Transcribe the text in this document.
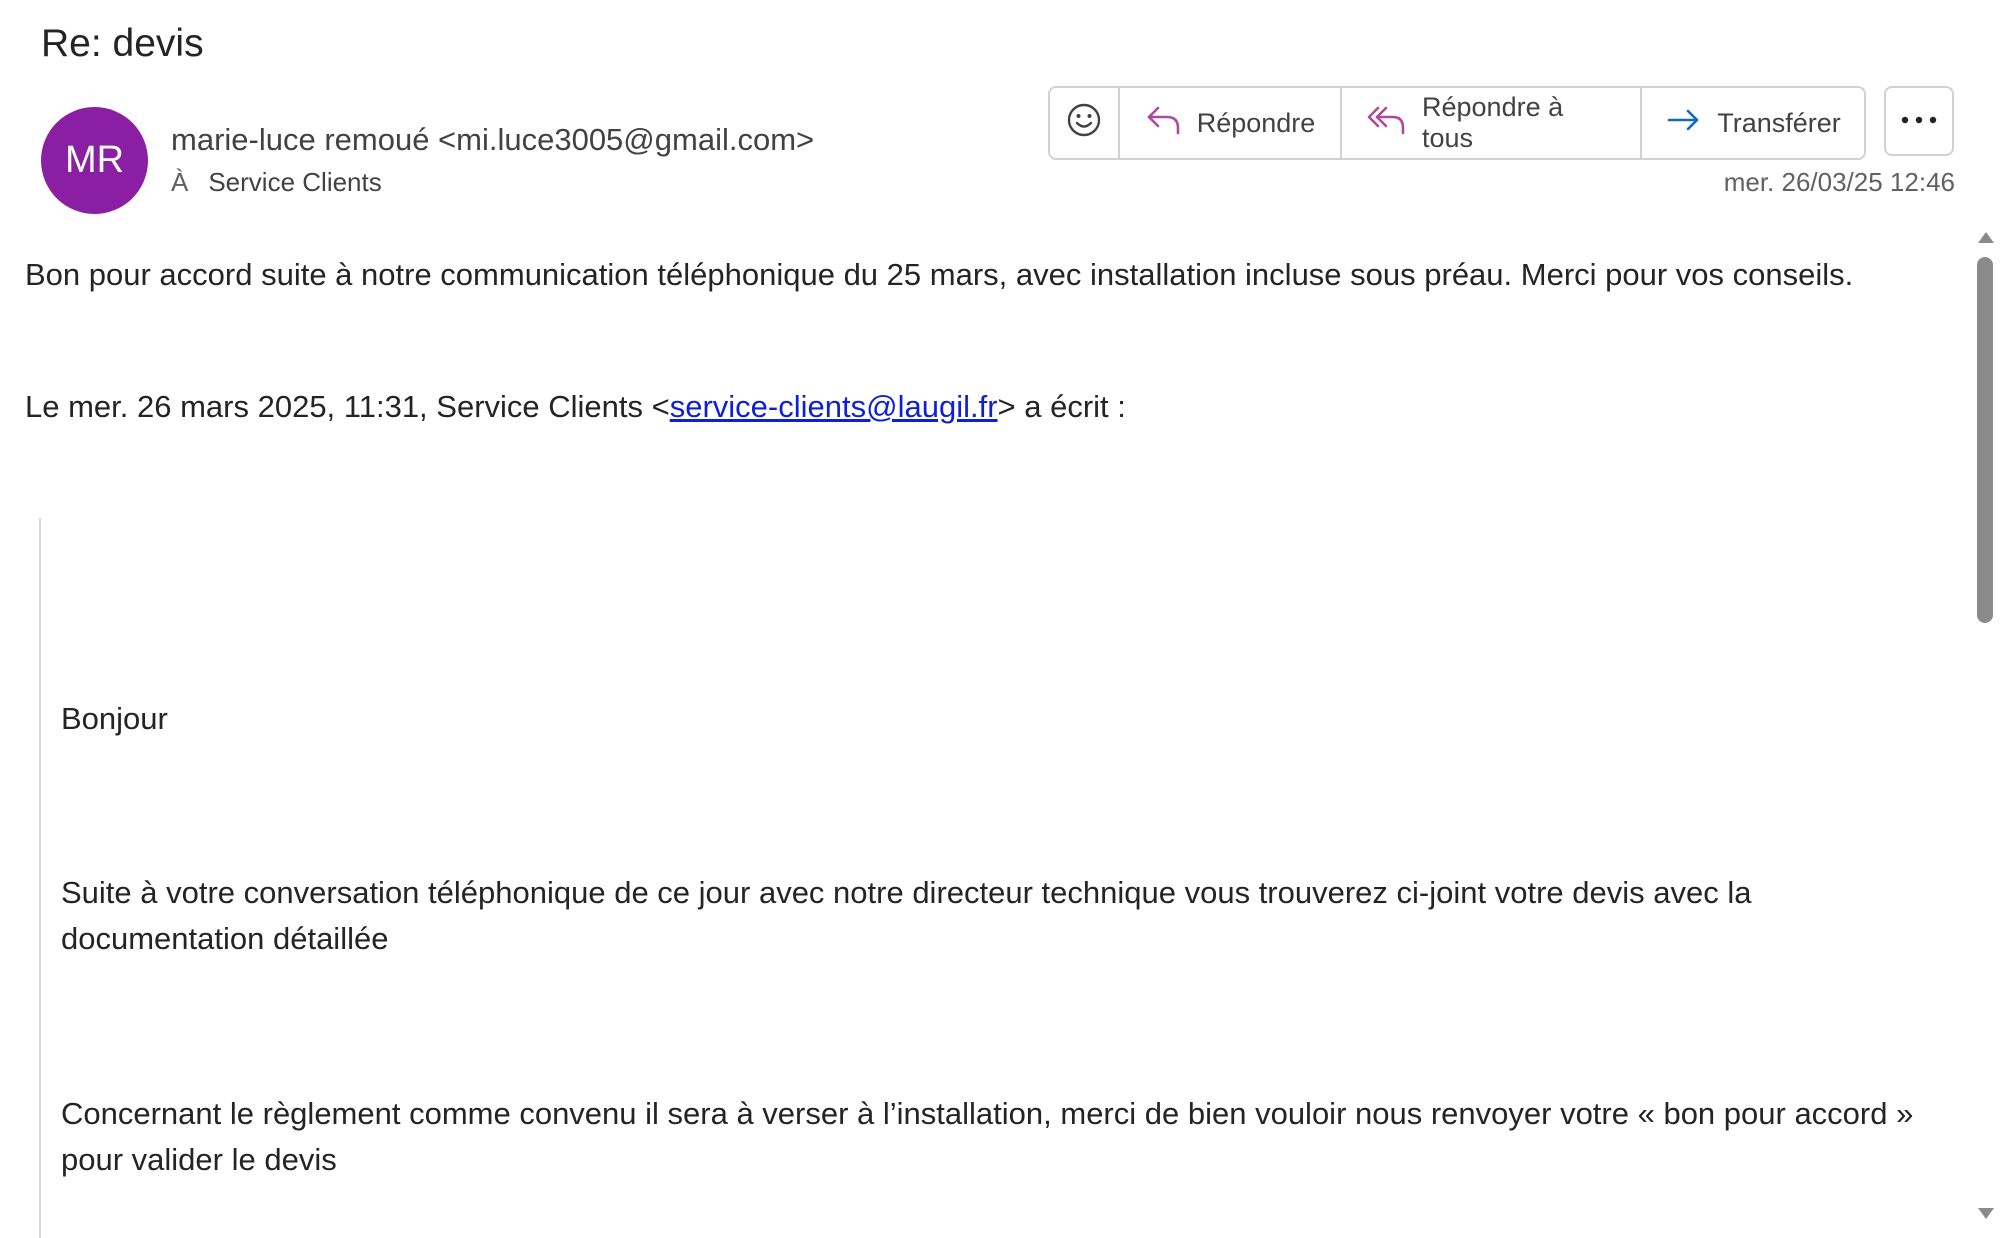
Re: devis
MR marie-luce remoué <mi.luce3005@gmail.com>
À Service Clients
Répondre
Répondre à tous
Transférer
mer. 26/03/25 12:46

Bon pour accord suite à notre communication téléphonique du 25 mars, avec installation incluse sous préau. Merci pour vos conseils.

Le mer. 26 mars 2025, 11:31, Service Clients <service-clients@laugil.fr> a écrit :

Bonjour

Suite à votre conversation téléphonique de ce jour avec notre directeur technique vous trouverez ci-joint votre devis avec la documentation détaillée

Concernant le règlement comme convenu il sera à verser à l’installation, merci de bien vouloir nous renvoyer votre « bon pour accord » pour valider le devis
